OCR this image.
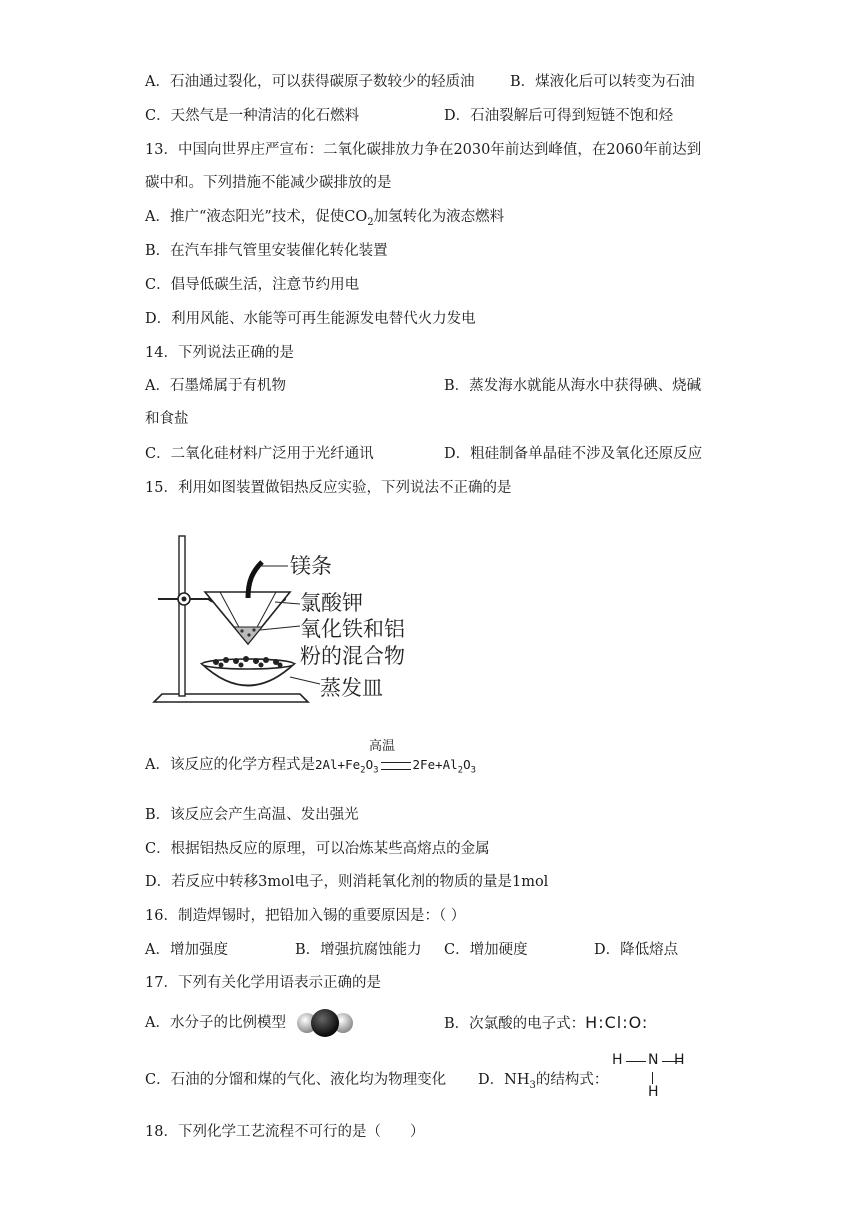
A．石油通过裂化，可以获得碳原子数较少的轻质油 B．煤液化后可以转变为石油
C．天然气是一种清洁的化石燃料	D．石油裂解后可得到短链不饱和烃
13．中国向世界庄严宣布：二氧化碳排放力争在2030年前达到峰值，在2060年前达到
碳中和。下列措施不能减少碳排放的是
A．推广“液态阳光”技术，促使$CO_2$加氢转化为液态燃料
B．在汽车排气管里安装催化转化装置
C．倡导低碳生活，注意节约用电
D．利用风能、水能等可再生能源发电替代火力发电
14．下列说法正确的是
A．石墨烯属于有机物	B．蒸发海水就能从海水中获得碘、烧碱
和食盐
C．二氧化硅材料广泛用于光纤通讯	D．粗硅制备单晶硅不涉及氧化还原反应
15．利用如图装置做铝热反应实验，下列说法不正确的是
镁条
氯酸钾
氧化铁和铝
粉的混合物
蒸发皿
A．该反应的化学方程式是$2Al+Fe_2O_3$
高温
$2Fe+Al_2O_3$
B．该反应会产生高温、发出强光
C．根据铝热反应的原理，可以冶炼某些高熔点的金属
D．若反应中转移3mol电子，则消耗氧化剂的物质的量是1mol
16．制造焊锡时，把铅加入锡的重要原因是：（ ）
A．增加强度	B．增强抗腐蚀能力 C．增加硬度	D．降低熔点
17．下列有关化学用语表示正确的是
A．水分子的比例模型	B．次氯酸的电子式：H:Cl:O:
C．石油的分馏和煤的气化、液化均为物理变化 D．$NH_3$的结构式：
H N H
H
18．下列化学工艺流程不可行的是（　　）
